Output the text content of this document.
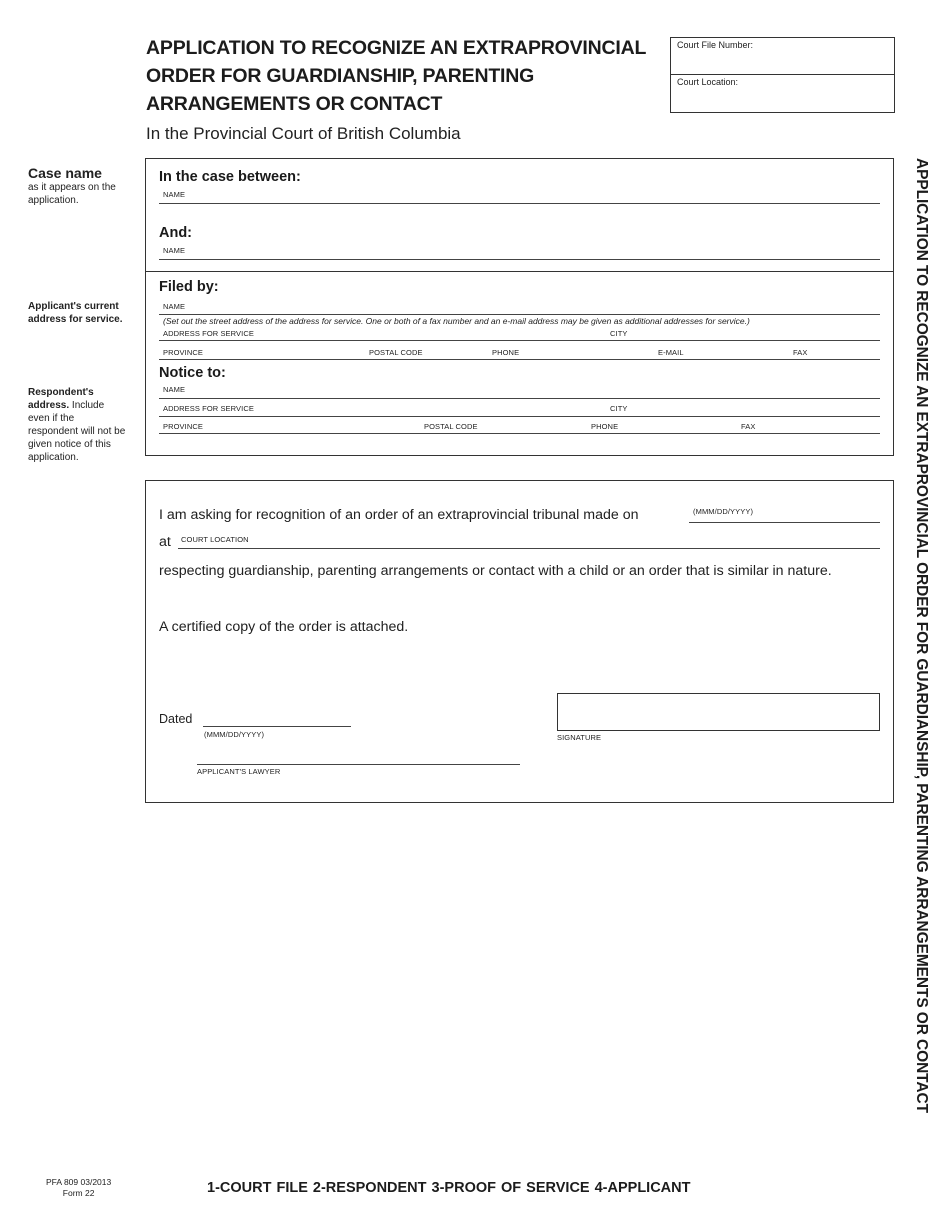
APPLICATION TO RECOGNIZE AN EXTRAPROVINCIAL
ORDER FOR GUARDIANSHIP, PARENTING
ARRANGEMENTS OR CONTACT
In the Provincial Court of British Columbia
Court File Number:
Court Location:
Case name
as it appears on the application.
Applicant's current address for service.
Respondent's address. Include even if the respondent will not be given notice of this application.
In the case between:
NAME
And:
NAME
Filed by:
NAME
(Set out the street address of the address for service. One or both of a fax number and an e-mail address may be given as additional addresses for service.)
ADDRESS FOR SERVICE	CITY
PROVINCE	POSTAL CODE	PHONE	E-MAIL	FAX
Notice to:
NAME
ADDRESS FOR SERVICE	CITY
PROVINCE	POSTAL CODE	PHONE	FAX
I am asking for recognition of an order of an extraprovincial tribunal made on	(MMM/DD/YYYY)
at COURT LOCATION
respecting guardianship, parenting arrangements or contact with a child or an order that is similar in nature.
A certified copy of the order is attached.
Dated
(MMM/DD/YYYY)	SIGNATURE
APPLICANT'S LAWYER	APPLICATION TO RECOGNIZE AN EXTRAPROVINCIAL ORDER FOR GUARDIANSHIP, PARENTING ARRANGEMENTS OR CONTACT
PFA 809 03/2013
Form 22	1-COURT FILE 2-RESPONDENT 3-PROOF OF SERVICE 4-APPLICANT
